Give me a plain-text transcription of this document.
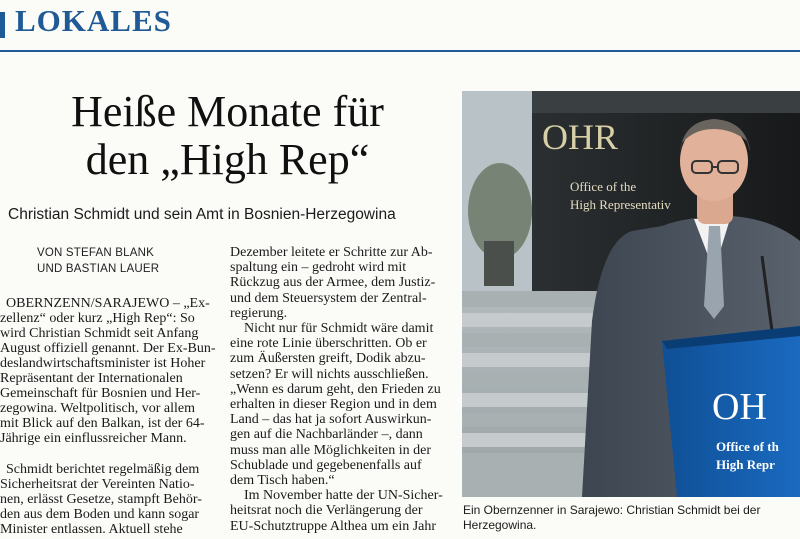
LOKALES
Heiße Monate für
den „High Rep“
Christian Schmidt und sein Amt in Bosnien-Herzegowina
VON STEFAN BLANK
UND BASTIAN LAUER
OBERNZENN/SARAJEWO – „Ex-
zellenz“ oder kurz „High Rep“: So
wird Christian Schmidt seit Anfang
August offiziell genannt. Der Ex-Bun-
deslandwirtschaftsminister ist Hoher
Repräsentant der Internationalen
Gemeinschaft für Bosnien und Her-
zegowina. Weltpolitisch, vor allem
mit Blick auf den Balkan, ist der 64-
Jährige ein einflussreicher Mann.
Schmidt berichtet regelmäßig dem
Sicherheitsrat der Vereinten Natio-
nen, erlässt Gesetze, stampft Behör-
den aus dem Boden und kann sogar
Minister entlassen. Aktuell stehe
Dezember leitete er Schritte zur Ab-
spaltung ein – gedroht wird mit
Rückzug aus der Armee, dem Justiz-
und dem Steuersystem der Zentral-
regierung.
Nicht nur für Schmidt wäre damit
eine rote Linie überschritten. Ob er
zum Äußersten greift, Dodik abzu-
setzen? Er will nichts ausschließen.
„Wenn es darum geht, den Frieden zu
erhalten in dieser Region und in dem
Land – das hat ja sofort Auswirkun-
gen auf die Nachbarländer –, dann
muss man alle Möglichkeiten in der
Schublade und gegebenenfalls auf
dem Tisch haben.“
Im November hatte der UN-Sicher-
heitsrat noch die Verlängerung der
EU-Schutztruppe Althea um ein Jahr
OHR
Office of the
High Representativ
OH
Office of th
High Repr
Ein Obernzenner in Sarajewo: Christian Schmidt bei der
Herzegowina.
